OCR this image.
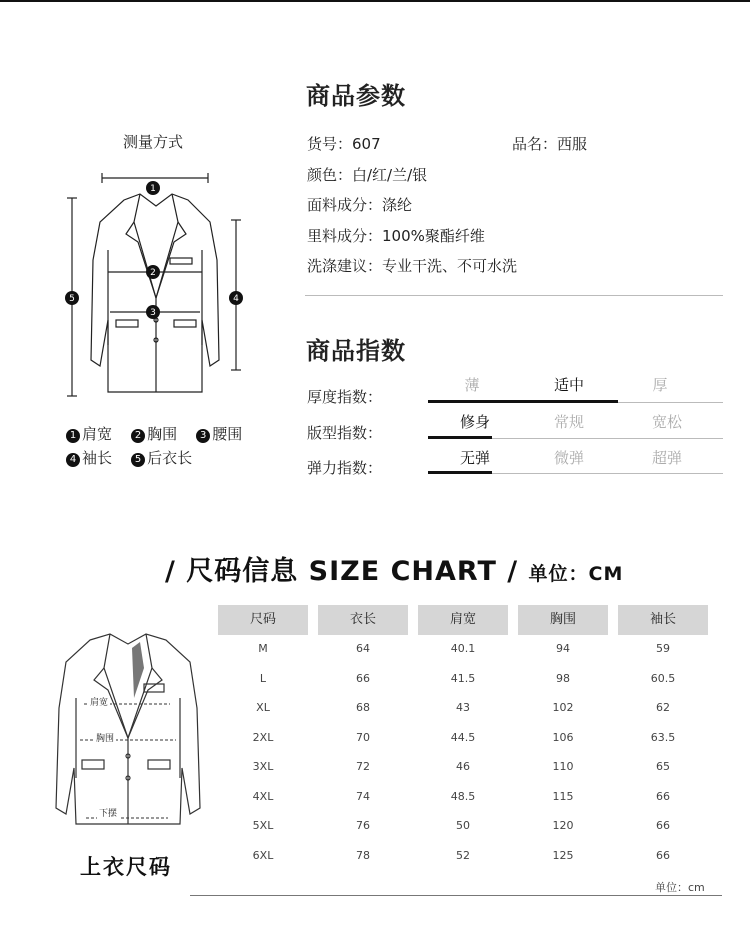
测量方式
1
2
3
4
5
1 肩宽 2 胸围 3 腰围
4 袖长 5 后衣长
商品参数
货号：607	品名：西服
颜色：白/红/兰/银
面料成分：涤纶
里料成分：100%聚酯纤维
洗涤建议：专业干洗、不可水洗
商品指数
厚度指数：
薄	适中	厚
版型指数：
修身	常规	宽松
弹力指数：
无弹	微弹	超弹
/ 尺码信息 SIZE CHART / 单位：CM
肩宽
胸围
下摆
上衣尺码
尺码	衣长	肩宽	胸围	袖长
M	64	40.1	94	59
L	66	41.5	98	60.5
XL	68	43	102	62
2XL	70	44.5	106	63.5
3XL	72	46	110	65
4XL	74	48.5	115	66
5XL	76	50	120	66
6XL	78	52	125	66
单位：cm
